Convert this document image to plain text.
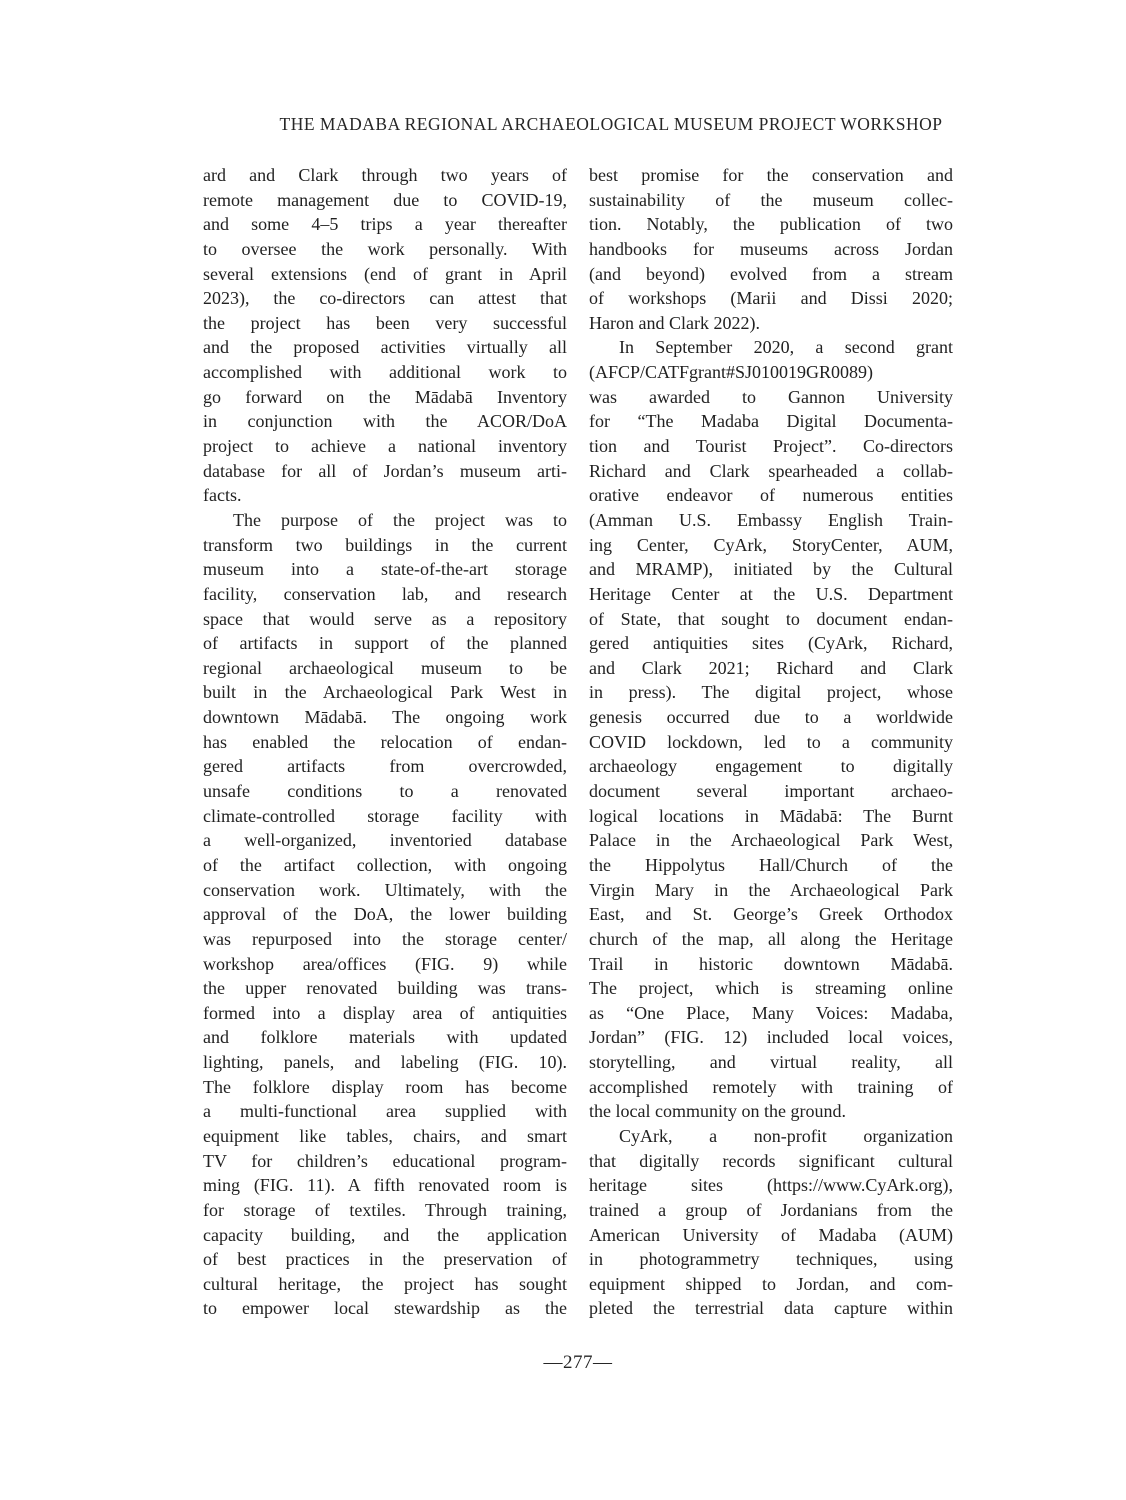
THE MADABA REGIONAL ARCHAEOLOGICAL MUSEUM PROJECT WORKSHOP
ard and Clark through two years of
remote management due to COVID-19,
and some 4–5 trips a year thereafter
to oversee the work personally. With
several extensions (end of grant in April
2023), the co-directors can attest that
the project has been very successful
and the proposed activities virtually all
accomplished with additional work to
go forward on the Mādabā Inventory
in conjunction with the ACOR/DoA
project to achieve a national inventory
database for all of Jordan’s museum arti-
facts.
The purpose of the project was to
transform two buildings in the current
museum into a state-of-the-art storage
facility, conservation lab, and research
space that would serve as a repository
of artifacts in support of the planned
regional archaeological museum to be
built in the Archaeological Park West in
downtown Mādabā. The ongoing work
has enabled the relocation of endan-
gered artifacts from overcrowded,
unsafe conditions to a renovated
climate-controlled storage facility with
a well-organized, inventoried database
of the artifact collection, with ongoing
conservation work. Ultimately, with the
approval of the DoA, the lower building
was repurposed into the storage center/
workshop area/offices (FIG. 9) while
the upper renovated building was trans-
formed into a display area of antiquities
and folklore materials with updated
lighting, panels, and labeling (FIG. 10).
The folklore display room has become
a multi-functional area supplied with
equipment like tables, chairs, and smart
TV for children’s educational program-
ming (FIG. 11). A fifth renovated room is
for storage of textiles. Through training,
capacity building, and the application
of best practices in the preservation of
cultural heritage, the project has sought
to empower local stewardship as the
best promise for the conservation and
sustainability of the museum collec-
tion. Notably, the publication of two
handbooks for museums across Jordan
(and beyond) evolved from a stream
of workshops (Marii and Dissi 2020;
Haron and Clark 2022).
In September 2020, a second grant
(AFCP/CATFgrant#SJ010019GR0089)
was awarded to Gannon University
for “The Madaba Digital Documenta-
tion and Tourist Project”. Co-directors
Richard and Clark spearheaded a collab-
orative endeavor of numerous entities
(Amman U.S. Embassy English Train-
ing Center, CyArk, StoryCenter, AUM,
and MRAMP), initiated by the Cultural
Heritage Center at the U.S. Department
of State, that sought to document endan-
gered antiquities sites (CyArk, Richard,
and Clark 2021; Richard and Clark
in press). The digital project, whose
genesis occurred due to a worldwide
COVID lockdown, led to a community
archaeology engagement to digitally
document several important archaeo-
logical locations in Mādabā: The Burnt
Palace in the Archaeological Park West,
the Hippolytus Hall/Church of the
Virgin Mary in the Archaeological Park
East, and St. George’s Greek Orthodox
church of the map, all along the Heritage
Trail in historic downtown Mādabā.
The project, which is streaming online
as “One Place, Many Voices: Madaba,
Jordan” (FIG. 12) included local voices,
storytelling, and virtual reality, all
accomplished remotely with training of
the local community on the ground.
CyArk, a non-profit organization
that digitally records significant cultural
heritage sites (https://www.CyArk.org),
trained a group of Jordanians from the
American University of Madaba (AUM)
in photogrammetry techniques, using
equipment shipped to Jordan, and com-
pleted the terrestrial data capture within
—277—
